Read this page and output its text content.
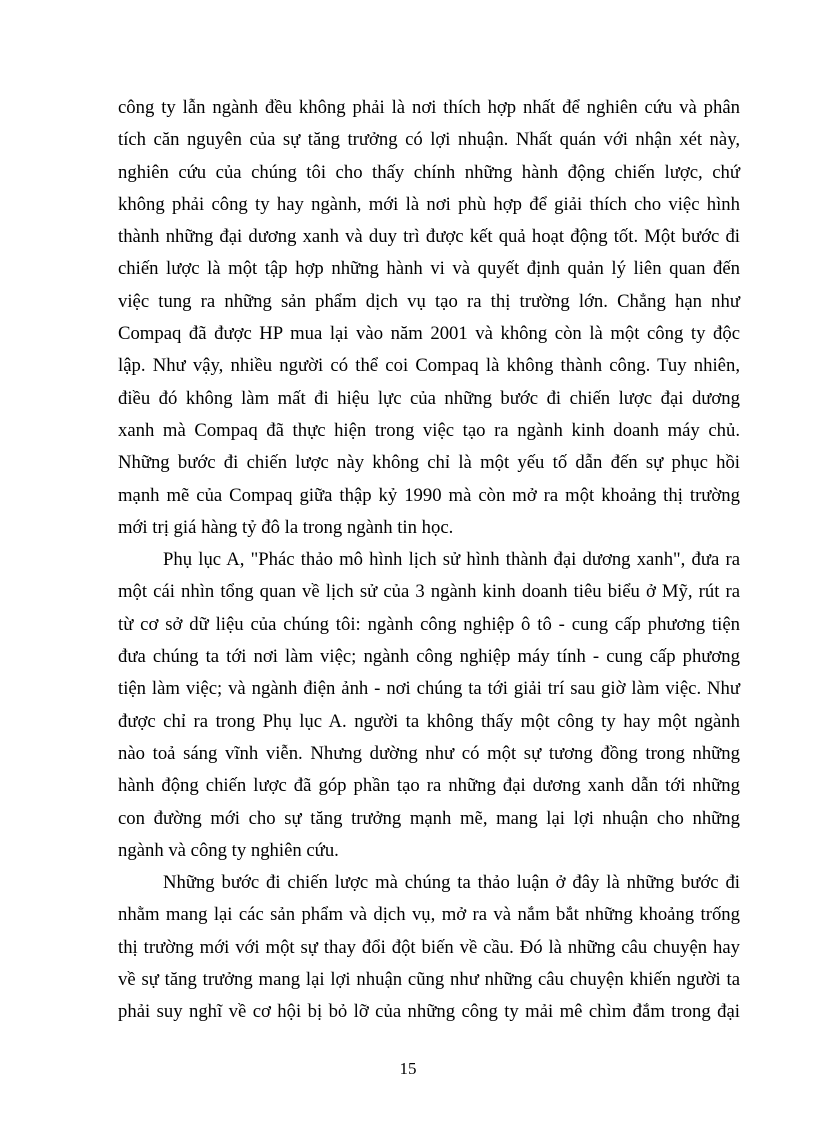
công ty lẫn ngành đều không phải là nơi thích hợp nhất để nghiên cứu và phân
tích căn nguyên của sự tăng trưởng có lợi nhuận. Nhất quán với nhận xét này,
nghiên cứu của chúng tôi cho thấy chính những hành động chiến lược, chứ
không phải công ty hay ngành, mới là nơi phù hợp để giải thích cho việc hình
thành những đại dương xanh và duy trì được kết quả hoạt động tốt. Một bước đi
chiến lược là một tập hợp những hành vi và quyết định quản lý liên quan đến
việc tung ra những sản phẩm dịch vụ tạo ra thị trường lớn. Chẳng hạn như
Compaq đã được HP mua lại vào năm 2001 và không còn là một công ty độc
lập. Như vậy, nhiều người có thể coi Compaq là không thành công. Tuy nhiên,
điều đó không làm mất đi hiệu lực của những bước đi chiến lược đại dương
xanh mà Compaq đã thực hiện trong việc tạo ra ngành kinh doanh máy chủ.
Những bước đi chiến lược này không chỉ là một yếu tố dẫn đến sự phục hồi
mạnh mẽ của Compaq giữa thập kỷ 1990 mà còn mở ra một khoảng thị trường
mới trị giá hàng tỷ đô la trong ngành tin học.
Phụ lục A, "Phác thảo mô hình lịch sử hình thành đại dương xanh", đưa ra
một cái nhìn tổng quan về lịch sử của 3 ngành kinh doanh tiêu biểu ở Mỹ, rút ra
từ cơ sở dữ liệu của chúng tôi: ngành công nghiệp ô tô - cung cấp phương tiện
đưa chúng ta tới nơi làm việc; ngành công nghiệp máy tính - cung cấp phương
tiện làm việc; và ngành điện ảnh - nơi chúng ta tới giải trí sau giờ làm việc. Như
được chỉ ra trong Phụ lục A. người ta không thấy một công ty hay một ngành
nào toả sáng vĩnh viễn. Nhưng dường như có một sự tương đồng trong những
hành động chiến lược đã góp phần tạo ra những đại dương xanh dẫn tới những
con đường mới cho sự tăng trưởng mạnh mẽ, mang lại lợi nhuận cho những
ngành và công ty nghiên cứu.
Những bước đi chiến lược mà chúng ta thảo luận ở đây là những bước đi
nhằm mang lại các sản phẩm và dịch vụ, mở ra và nắm bắt những khoảng trống
thị trường mới với một sự thay đổi đột biến về cầu. Đó là những câu chuyện hay
về sự tăng trưởng mang lại lợi nhuận cũng như những câu chuyện khiến người ta
phải suy nghĩ về cơ hội bị bỏ lỡ của những công ty mải mê chìm đắm trong đại
15
